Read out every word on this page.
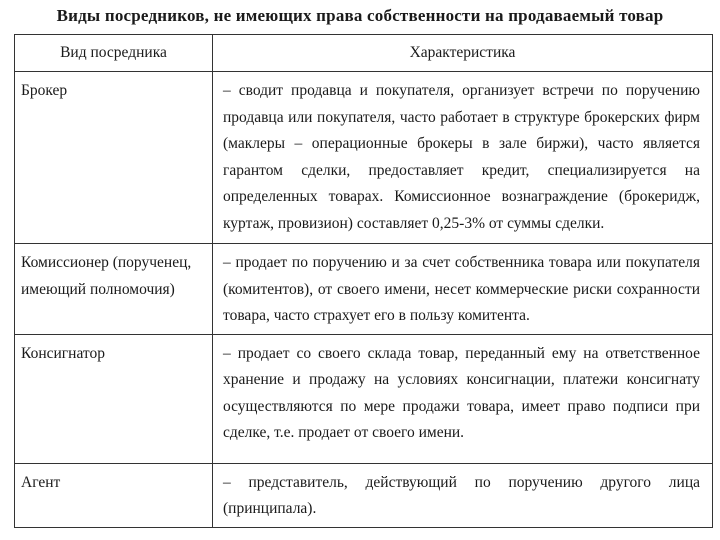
Виды посредников, не имеющих права собственности на продаваемый товар
Вид посредника	Характеристика
Брокер	– сводит продавца и покупателя, организует встречи по поручению продавца или покупателя, часто работает в структуре брокерских фирм (маклеры – операционные брокеры в зале биржи), часто является гарантом сделки, предоставляет кредит, специализируется на определенных товарах. Комиссионное вознаграждение (брокеридж, куртаж, провизион) составляет 0,25-3% от суммы сделки.
Комиссионер (порученец, имеющий полномочия)	– продает по поручению и за счет собственника товара или покупателя (комитентов), от своего имени, несет коммерческие риски сохранности товара, часто страхует его в пользу комитента.
Консигнатор	– продает со своего склада товар, переданный ему на ответственное хранение и продажу на условиях консигнации, платежи консигнату осуществляются по мере продажи товара, имеет право подписи при сделке, т.е. продает от своего имени.
Агент	– представитель, действующий по поручению другого лица (принципала).
